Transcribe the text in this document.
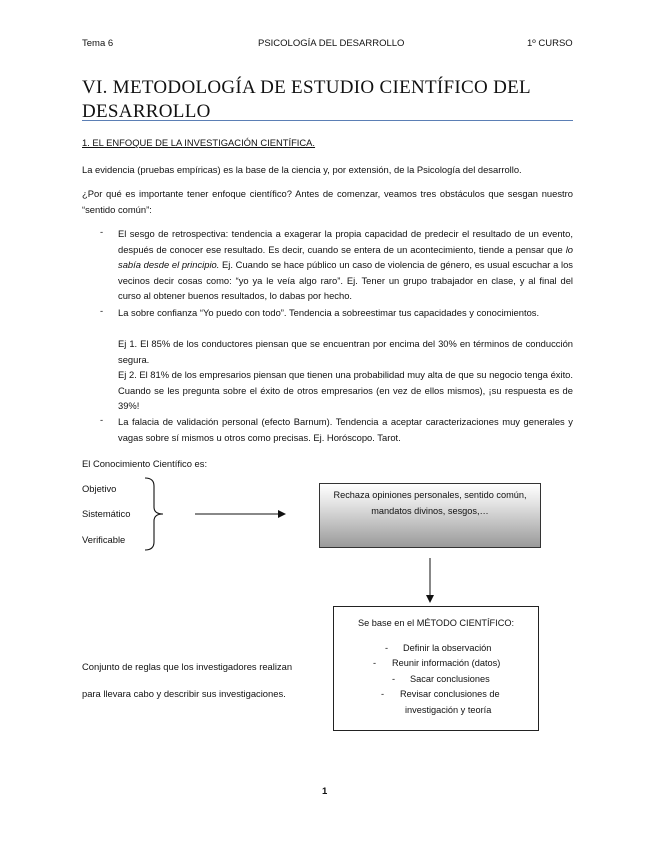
Tema 6	PSICOLOGÍA DEL DESARROLLO	1º CURSO
VI. METODOLOGÍA DE ESTUDIO CIENTÍFICO DEL
DESARROLLO
1. EL ENFOQUE DE LA INVESTIGACIÓN CIENTÍFICA.
La evidencia (pruebas empíricas) es la base de la ciencia y, por extensión, de la Psicología del desarrollo.
¿Por qué es importante tener enfoque científico? Antes de comenzar, veamos tres obstáculos que sesgan nuestro “sentido común”:
- El sesgo de retrospectiva: tendencia a exagerar la propia capacidad de predecir el resultado de un evento, después de conocer ese resultado. Es decir, cuando se entera de un acontecimiento, tiende a pensar que lo sabía desde el principio. Ej. Cuando se hace público un caso de violencia de género, es usual escuchar a los vecinos decir cosas como: “yo ya le veía algo raro”. Ej. Tener un grupo trabajador en clase, y al final del curso al obtener buenos resultados, lo dabas por hecho.
- La sobre confianza “Yo puedo con todo”. Tendencia a sobreestimar tus capacidades y conocimientos.
Ej 1. El 85% de los conductores piensan que se encuentran por encima del 30% en términos de conducción segura.
Ej 2. El 81% de los empresarios piensan que tienen una probabilidad muy alta de que su negocio tenga éxito. Cuando se les pregunta sobre el éxito de otros empresarios (en vez de ellos mismos), ¡su respuesta es de 39%!
- La falacia de validación personal (efecto Barnum). Tendencia a aceptar caracterizaciones muy generales y vagas sobre sí mismos u otros como precisas. Ej. Horóscopo. Tarot.
El Conocimiento Científico es:
Objetivo
Sistemático
Verificable
Rechaza opiniones personales, sentido común, mandatos divinos, sesgos,…
Se base en el MÉTODO CIENTÍFICO:
- Definir la observación
- Reunir información (datos)
- Sacar conclusiones
- Revisar conclusiones de
investigación y teoría
Conjunto de reglas que los investigadores realizan
para llevara cabo y describir sus investigaciones.
1
